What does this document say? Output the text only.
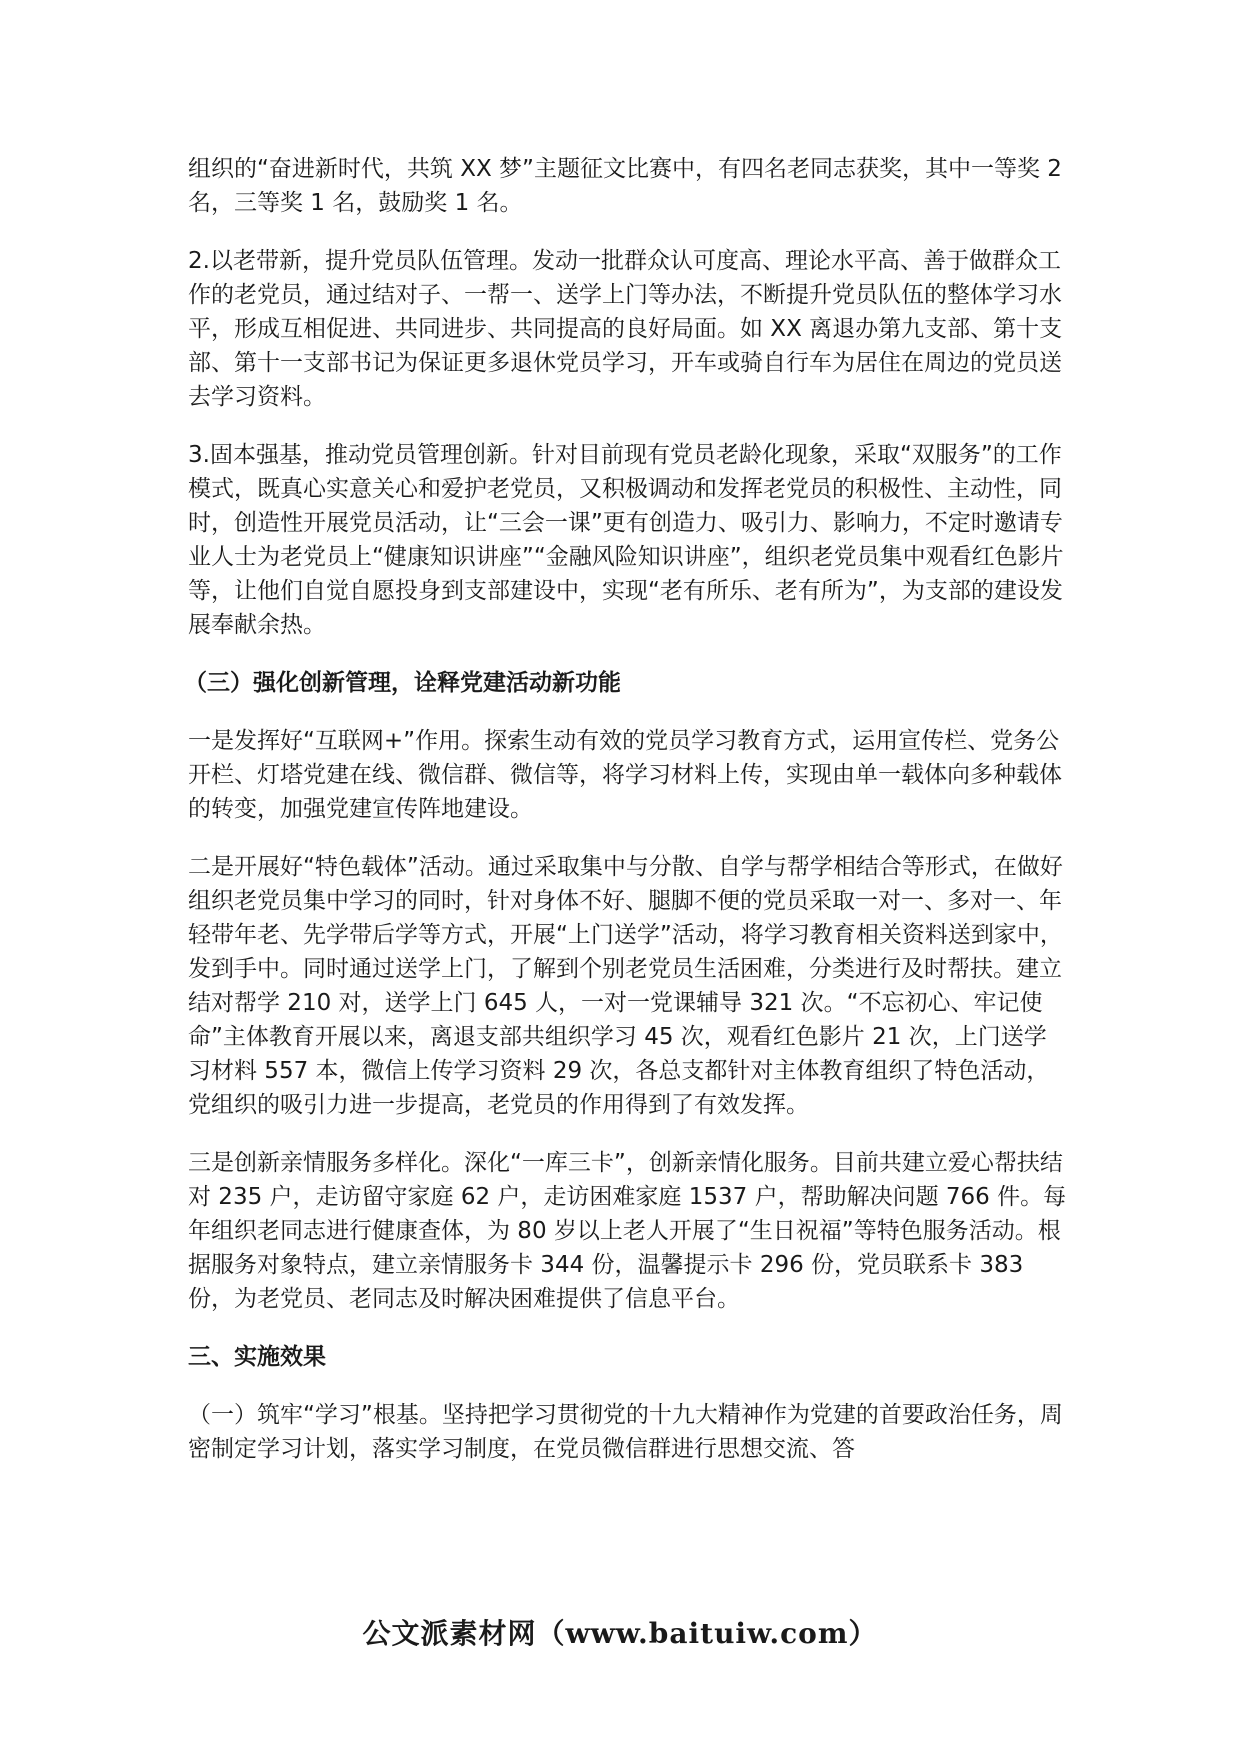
组织的“奋进新时代，共筑 XX 梦”主题征文比赛中，有四名老同志获奖，其中一等奖 2 名，三等奖 1 名，鼓励奖 1 名。

2.以老带新，提升党员队伍管理。发动一批群众认可度高、理论水平高、善于做群众工作的老党员，通过结对子、一帮一、送学上门等办法，不断提升党员队伍的整体学习水平，形成互相促进、共同进步、共同提高的良好局面。如 XX 离退办第九支部、第十支部、第十一支部书记为保证更多退休党员学习，开车或骑自行车为居住在周边的党员送去学习资料。

3.固本强基，推动党员管理创新。针对目前现有党员老龄化现象，采取“双服务”的工作模式，既真心实意关心和爱护老党员，又积极调动和发挥老党员的积极性、主动性，同时，创造性开展党员活动，让“三会一课”更有创造力、吸引力、影响力，不定时邀请专业人士为老党员上“健康知识讲座”“金融风险知识讲座”，组织老党员集中观看红色影片等，让他们自觉自愿投身到支部建设中，实现“老有所乐、老有所为”，为支部的建设发展奉献余热。

（三）强化创新管理，诠释党建活动新功能

一是发挥好“互联网+”作用。探索生动有效的党员学习教育方式，运用宣传栏、党务公开栏、灯塔党建在线、微信群、微信等，将学习材料上传，实现由单一载体向多种载体的转变，加强党建宣传阵地建设。

二是开展好“特色载体”活动。通过采取集中与分散、自学与帮学相结合等形式，在做好组织老党员集中学习的同时，针对身体不好、腿脚不便的党员采取一对一、多对一、年轻带年老、先学带后学等方式，开展“上门送学”活动，将学习教育相关资料送到家中，发到手中。同时通过送学上门，了解到个别老党员生活困难，分类进行及时帮扶。建立结对帮学 210 对，送学上门 645 人，一对一党课辅导 321 次。“不忘初心、牢记使命”主体教育开展以来，离退支部共组织学习 45 次，观看红色影片 21 次，上门送学习材料 557 本，微信上传学习资料 29 次，各总支都针对主体教育组织了特色活动，党组织的吸引力进一步提高，老党员的作用得到了有效发挥。

三是创新亲情服务多样化。深化“一库三卡”，创新亲情化服务。目前共建立爱心帮扶结对 235 户，走访留守家庭 62 户，走访困难家庭 1537 户，帮助解决问题 766 件。每年组织老同志进行健康查体，为 80 岁以上老人开展了“生日祝福”等特色服务活动。根据服务对象特点，建立亲情服务卡 344 份，温馨提示卡 296 份，党员联系卡 383 份，为老党员、老同志及时解决困难提供了信息平台。

三、实施效果

（一）筑牢“学习”根基。坚持把学习贯彻党的十九大精神作为党建的首要政治任务，周密制定学习计划，落实学习制度，在党员微信群进行思想交流、答

公文派素材网（www.baituiw.com）
